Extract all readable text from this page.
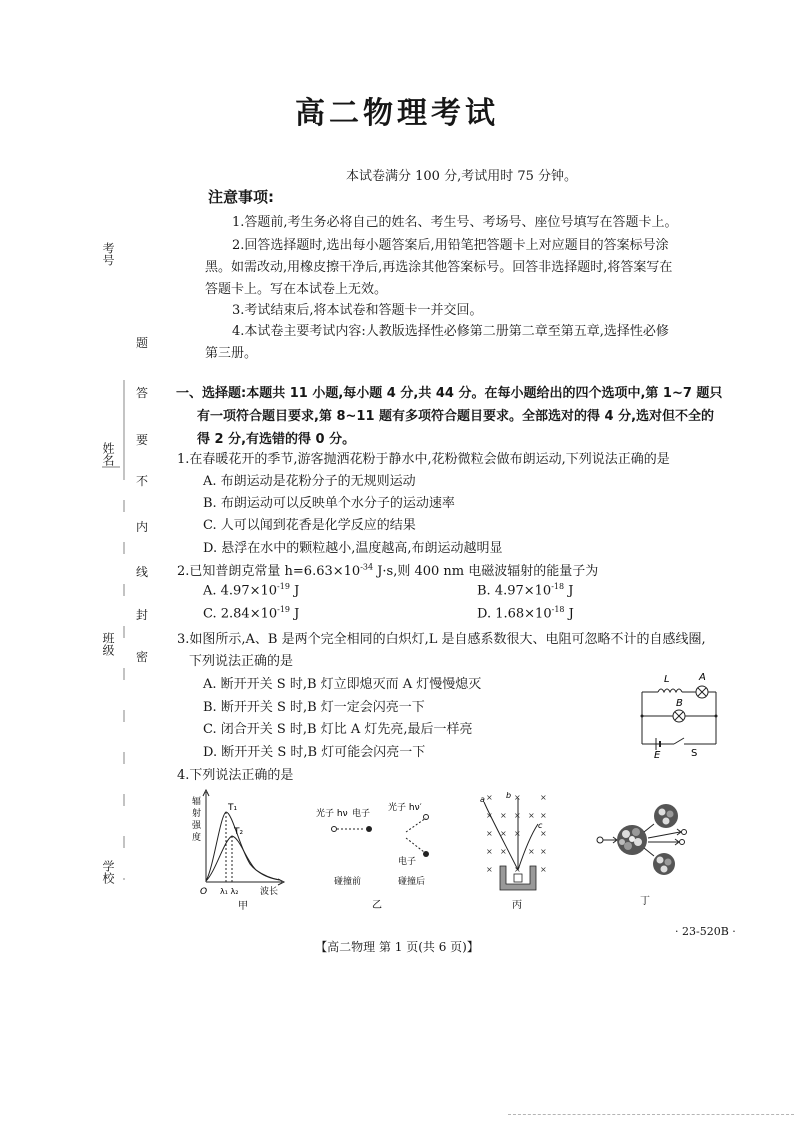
高二物理考试
本试卷满分 100 分,考试用时 75 分钟。
注意事项:
1.答题前,考生务必将自己的姓名、考生号、考场号、座位号填写在答题卡上。
2.回答选择题时,选出每小题答案后,用铅笔把答题卡上对应题目的答案标号涂
黑。如需改动,用橡皮擦干净后,再选涂其他答案标号。回答非选择题时,将答案写在
答题卡上。写在本试卷上无效。
3.考试结束后,将本试卷和答题卡一并交回。
4.本试卷主要考试内容:人教版选择性必修第二册第二章至第五章,选择性必修
第三册。
考号
姓名
班级
学校
题
答
要
不
内
线
封
密
一、选择题:本题共 11 小题,每小题 4 分,共 44 分。在每小题给出的四个选项中,第 1~7 题只
有一项符合题目要求,第 8~11 题有多项符合题目要求。全部选对的得 4 分,选对但不全的
得 2 分,有选错的得 0 分。
1.在春暖花开的季节,游客抛洒花粉于静水中,花粉微粒会做布朗运动,下列说法正确的是
A. 布朗运动是花粉分子的无规则运动
B. 布朗运动可以反映单个水分子的运动速率
C. 人可以闻到花香是化学反应的结果
D. 悬浮在水中的颗粒越小,温度越高,布朗运动越明显
2.已知普朗克常量 $h=6.63\times 10^{-34}$ J·s,则 400 nm 电磁波辐射的能量子为
A. $4.97\times 10^{-19}$ J	B. $4.97\times 10^{-18}$ J
C. $2.84\times 10^{-19}$ J	D. $1.68\times 10^{-18}$ J
3.如图所示,A、B 是两个完全相同的白炽灯,L 是自感系数很大、电阻可忽略不计的自感线圈,
下列说法正确的是
A. 断开开关 S 时,B 灯立即熄灭而 A 灯慢慢熄灭
B. 断开开关 S 时,B 灯一定会闪亮一下
C. 闭合开关 S 时,B 灯比 A 灯先亮,最后一样亮
D. 断开开关 S 时,B 灯可能会闪亮一下
L	A
B
E	S
4.下列说法正确的是
辐
射
强
度
T₁
T₂
O λ₁ λ₂ 波长
甲
光子 hν 电子
光子 hν′
电子
碰撞前	碰撞后
乙
×	× ×
× × × × ×
× × × ×
× ×	× ×
×	× ×
a	b
c
丙	丁
· 23-520B ·
【高二物理 第 1 页(共 6 页)】
